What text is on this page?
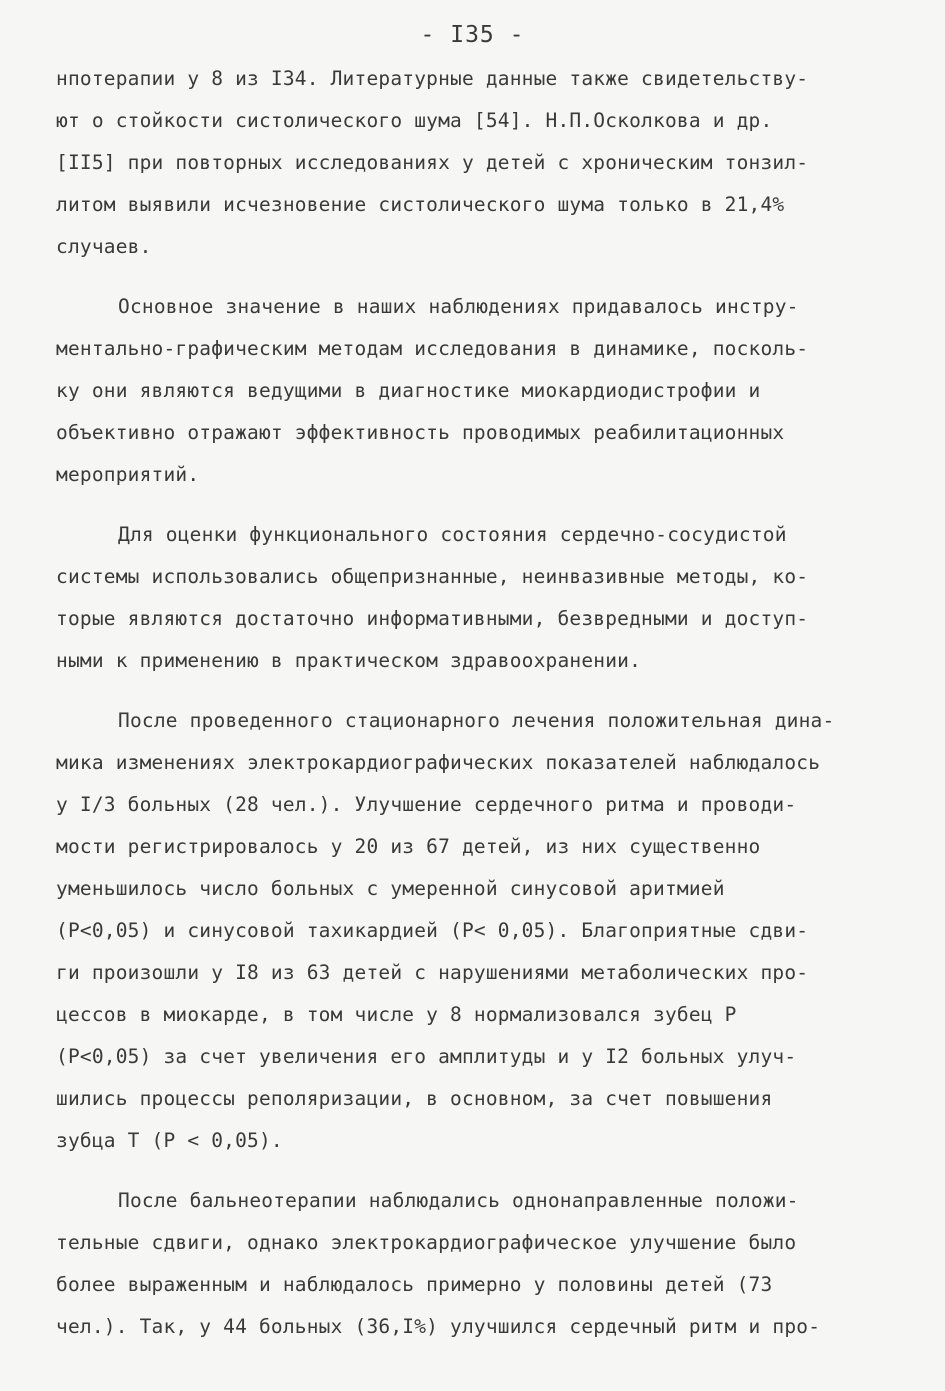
- I35 -
нпотерапии у 8 из I34. Литературные данные также свидетельству-
ют о стойкости систолического шума [54]. Н.П.Осколкова и др.
[II5] при повторных исследованиях у детей с хроническим тонзил-
литом выявили исчезновение систолического шума только в 21,4%
случаев.
Основное значение в наших наблюдениях придавалось инстру-
ментально-графическим методам исследования в динамике, посколь-
ку они являются ведущими в диагностике миокардиодистрофии и
объективно отражают эффективность проводимых реабилитационных
мероприятий.
Для оценки функционального состояния сердечно-сосудистой
системы использовались общепризнанные, неинвазивные методы, ко-
торые являются достаточно информативными, безвредными и доступ-
ными к применению в практическом здравоохранении.
После проведенного стационарного лечения положительная дина-
мика изменениях электрокардиографических показателей наблюдалось
у I/3 больных (28 чел.). Улучшение сердечного ритма и проводи-
мости регистрировалось у 20 из 67 детей, из них существенно
уменьшилось число больных с умеренной синусовой аритмией
(P<0,05) и синусовой тахикардией (P< 0,05). Благоприятные сдви-
ги произошли у I8 из 63 детей с нарушениями метаболических про-
цессов в миокарде, в том числе у 8 нормализовался зубец P
(P<0,05) за счет увеличения его амплитуды и у I2 больных улуч-
шились процессы реполяризации, в основном, за счет повышения
зубца T (P < 0,05).
После бальнеотерапии наблюдались однонаправленные положи-
тельные сдвиги, однако электрокардиографическое улучшение было
более выраженным и наблюдалось примерно у половины детей (73
чел.). Так, у 44 больных (36,I%) улучшился сердечный ритм и про-
